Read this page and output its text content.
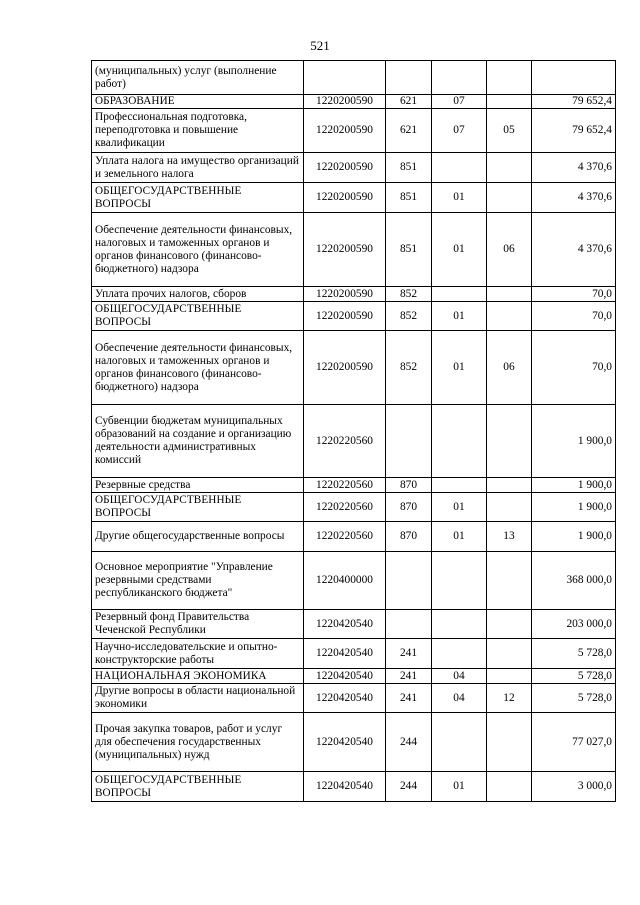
521
(муниципальных) услуг (выполнение работ)					
ОБРАЗОВАНИЕ	1220200590	621	07		79 652,4
Профессиональная подготовка, переподготовка и повышение квалификации	1220200590	621	07	05	79 652,4
Уплата налога на имущество организаций и земельного налога	1220200590	851			4 370,6
ОБЩЕГОСУДАРСТВЕННЫЕ ВОПРОСЫ	1220200590	851	01		4 370,6
Обеспечение деятельности финансовых, налоговых и таможенных органов и органов финансового (финансово-бюджетного) надзора	1220200590	851	01	06	4 370,6
Уплата прочих налогов, сборов	1220200590	852			70,0
ОБЩЕГОСУДАРСТВЕННЫЕ ВОПРОСЫ	1220200590	852	01		70,0
Обеспечение деятельности финансовых, налоговых и таможенных органов и органов финансового (финансово-бюджетного) надзора	1220200590	852	01	06	70,0
Субвенции бюджетам муниципальных образований на создание и организацию деятельности административных комиссий	1220220560				1 900,0
Резервные средства	1220220560	870			1 900,0
ОБЩЕГОСУДАРСТВЕННЫЕ ВОПРОСЫ	1220220560	870	01		1 900,0
Другие общегосударственные вопросы	1220220560	870	01	13	1 900,0
Основное мероприятие "Управление резервными средствами республиканского бюджета"	1220400000				368 000,0
Резервный фонд Правительства Чеченской Республики	1220420540				203 000,0
Научно-исследовательские и опытно-конструкторские работы	1220420540	241			5 728,0
НАЦИОНАЛЬНАЯ ЭКОНОМИКА	1220420540	241	04		5 728,0
Другие вопросы в области национальной экономики	1220420540	241	04	12	5 728,0
Прочая закупка товаров, работ и услуг для обеспечения государственных (муниципальных) нужд	1220420540	244			77 027,0
ОБЩЕГОСУДАРСТВЕННЫЕ ВОПРОСЫ	1220420540	244	01		3 000,0
